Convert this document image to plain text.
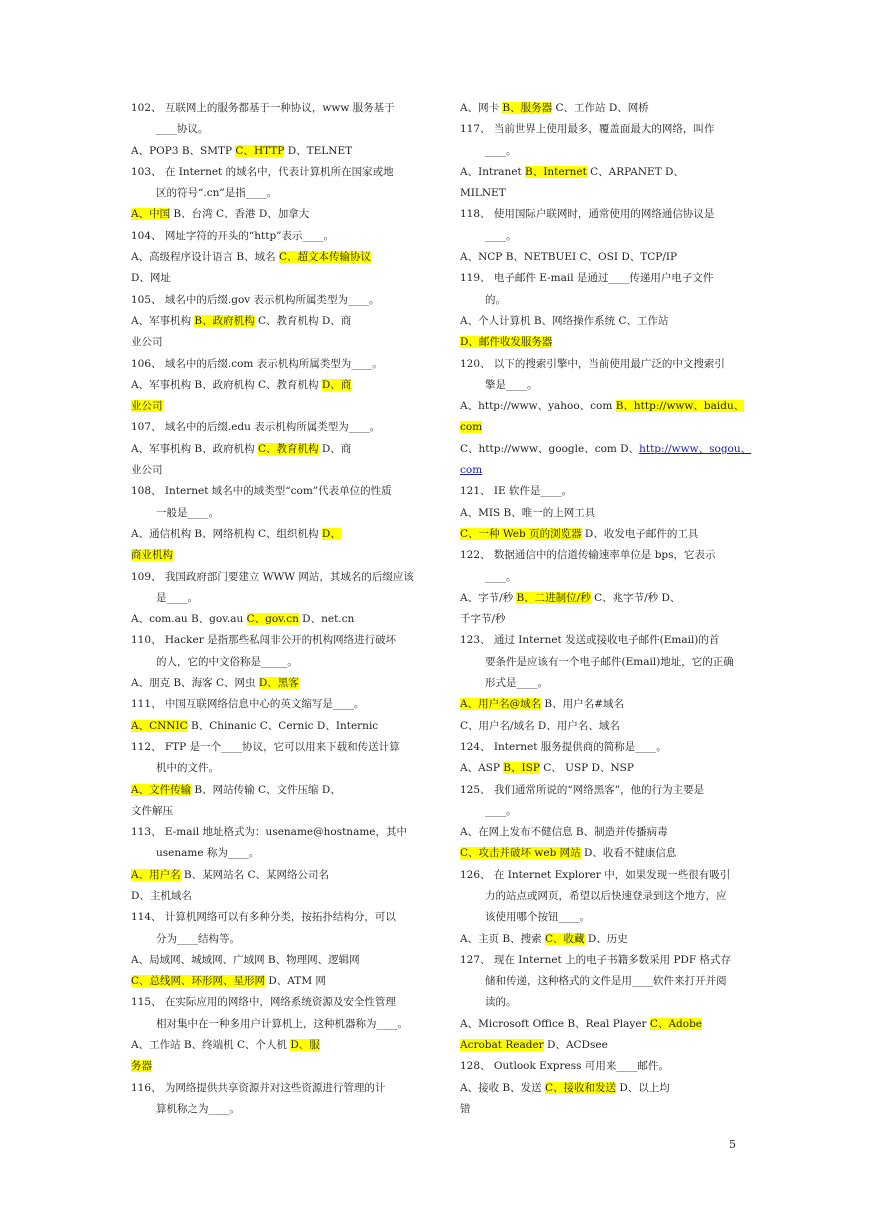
102、 互联网上的服务都基于一种协议，www 服务基于
____协议。
A、POP3 B、SMTP C、HTTP D、TELNET
103、 在 Internet 的域名中，代表计算机所在国家或地
区的符号“.cn”是指____。
A、中国 B、台湾 C、香港 D、加拿大
104、 网址字符的开头的“http”表示____。
A、高级程序设计语言 B、域名 C、超文本传输协议
D、网址
105、 域名中的后缀.gov 表示机构所属类型为____。
A、军事机构 B、政府机构 C、教育机构 D、商
业公司
106、 域名中的后缀.com 表示机构所属类型为____。
A、军事机构 B、政府机构 C、教育机构 D、商
业公司
107、 域名中的后缀.edu 表示机构所属类型为____。
A、军事机构 B、政府机构 C、教育机构 D、商
业公司
108、 Internet 域名中的域类型“com”代表单位的性质
一般是____。
A、通信机构 B、网络机构 C、组织机构 D、
商业机构
109、 我国政府部门要建立 WWW 网站，其域名的后缀应该
是____。
A、com.au B、gov.au C、gov.cn D、net.cn
110、 Hacker 是指那些私闯非公开的机构网络进行破坏
的人，它的中文俗称是_____。
A、朋克 B、海客 C、网虫 D、黑客
111、 中国互联网络信息中心的英文缩写是____。
A、CNNIC B、Chinanic C、Cernic D、Internic
112、 FTP 是一个____协议，它可以用来下载和传送计算
机中的文件。
A、文件传输 B、网站传输 C、文件压缩 D、
文件解压
113、 E-mail 地址格式为：usename@hostname，其中
usename 称为____。
A、用户名 B、某网站名 C、某网络公司名
D、主机域名
114、 计算机网络可以有多种分类，按拓扑结构分，可以
分为____结构等。
A、局域网、城域网、广域网 B、物理网、逻辑网
C、总线网、环形网、星形网 D、ATM 网
115、 在实际应用的网络中，网络系统资源及安全性管理
相对集中在一种多用户计算机上，这种机器称为____。
A、工作站 B、终端机 C、个人机 D、服
务器
116、 为网络提供共享资源并对这些资源进行管理的计
算机称之为____。
A、网卡 B、服务器 C、工作站 D、网桥
117、 当前世界上使用最多，覆盖面最大的网络，叫作
____。
A、Intranet B、Internet C、ARPANET D、
MILNET
118、 使用国际户联网时，通常使用的网络通信协议是
____。
A、NCP B、NETBUEI C、OSI D、TCP/IP
119、 电子邮件 E-mail 是通过____传递用户电子文件
的。
A、个人计算机 B、网络操作系统 C、工作站
D、邮件收发服务器
120、 以下的搜索引擎中，当前使用最广泛的中文搜索引
擎是____。
A、http://www、yahoo、com B、http://www、baidu、
com
C、http://www、google、com D、http://www、sogou、
com
121、 IE 软件是____。
A、MIS B、唯一的上网工具
C、一种 Web 页的浏览器 D、收发电子邮件的工具
122、 数据通信中的信道传输速率单位是 bps，它表示
____。
A、字节/秒 B、二进制位/秒 C、兆字节/秒 D、
千字节/秒
123、 通过 Internet 发送或接收电子邮件(Email)的首
要条件是应该有一个电子邮件(Email)地址，它的正确
形式是____。
A、用户名@域名 B、用户名#域名
C、用户名/域名 D、用户名、域名
124、 Internet 服务提供商的简称是____。
A、ASP B、ISP C、 USP D、NSP
125、 我们通常所说的“网络黑客”，他的行为主要是
____。
A、在网上发布不健信息 B、制造并传播病毒
C、攻击并破坏 web 网站 D、收看不健康信息
126、 在 Internet Explorer 中，如果发现一些很有吸引
力的站点或网页，希望以后快速登录到这个地方，应
该使用哪个按钮____。
A、主页 B、搜索 C、收藏 D、历史
127、 现在 Internet 上的电子书籍多数采用 PDF 格式存
储和传递，这种格式的文件是用____软件来打开并阅
读的。
A、Microsoft Office B、Real Player C、Adobe
Acrobat Reader D、ACDsee
128、 Outlook Express 可用来____邮件。
A、接收 B、发送 C、接收和发送 D、以上均
错
5
